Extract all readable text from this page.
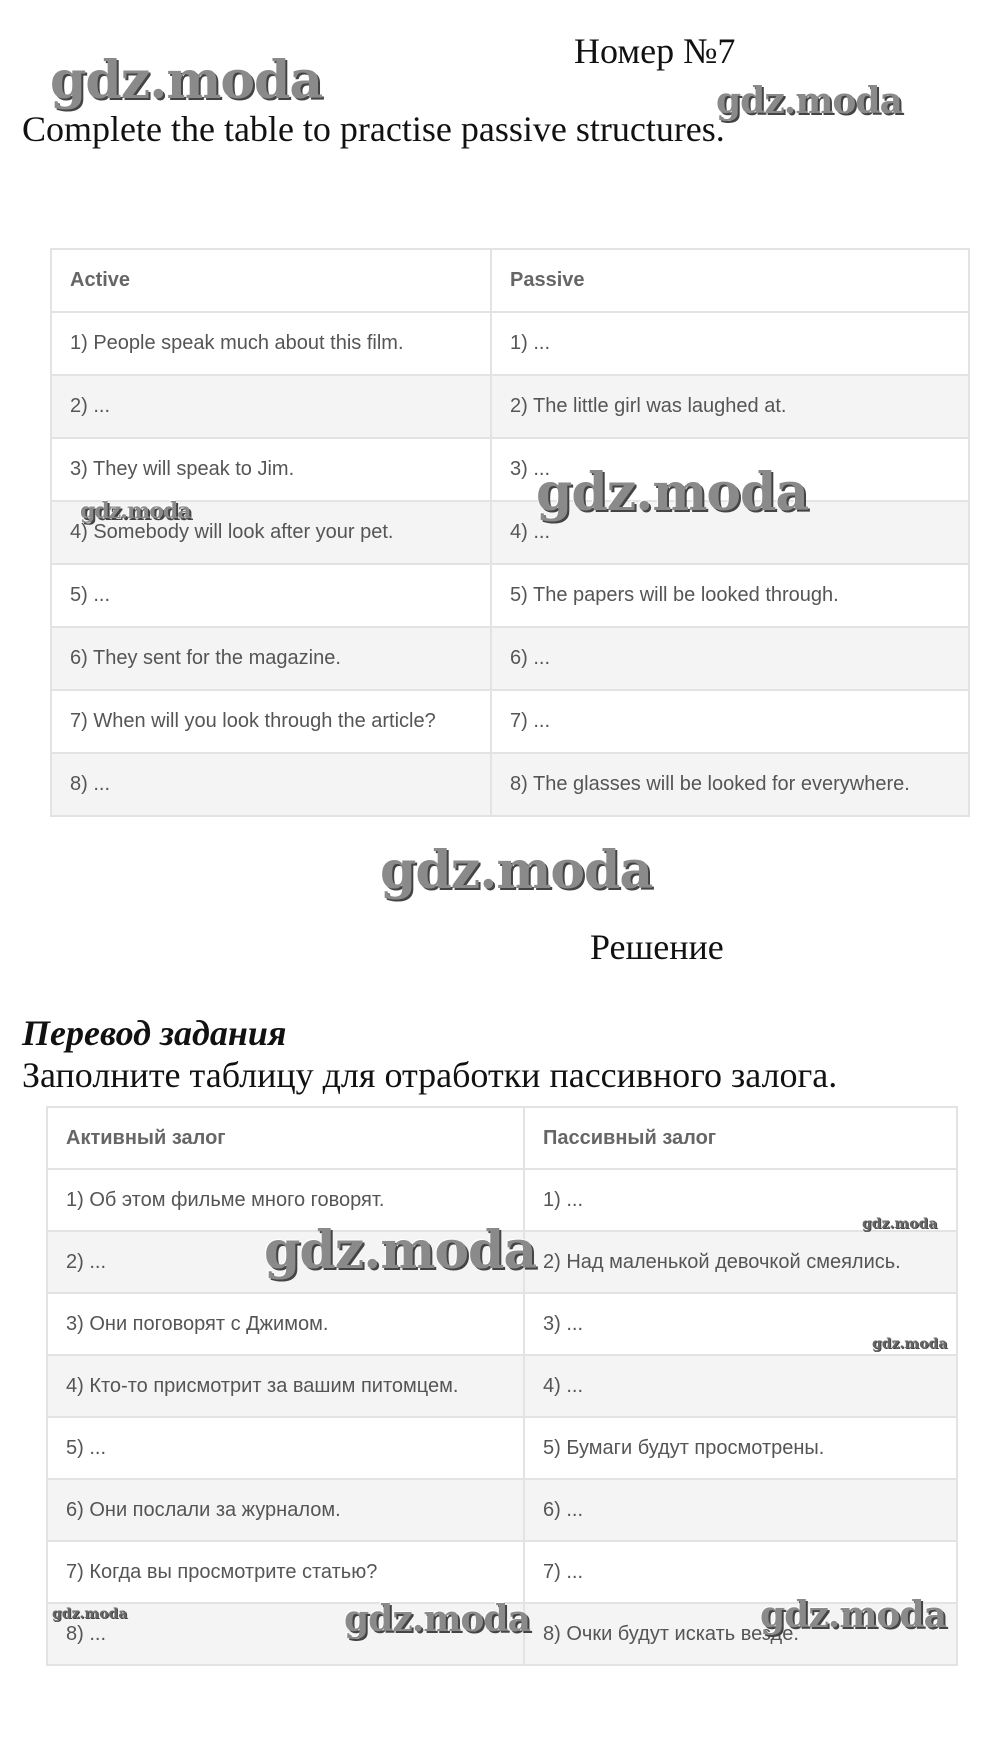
Номер №7
Complete the table to practise passive structures.
Active	Passive
1) People speak much about this film.	1) ...
2) ...	2) The little girl was laughed at.
3) They will speak to Jim.	3) ...
4) Somebody will look after your pet.	4) ...
5) ...	5) The papers will be looked through.
6) They sent for the magazine.	6) ...
7) When will you look through the article?	7) ...
8) ...	8) The glasses will be looked for everywhere.
Решение
Перевод задания
Заполните таблицу для отработки пассивного залога.
Активный залог	Пассивный залог
1) Об этом фильме много говорят.	1) ...
2) ...	2) Над маленькой девочкой смеялись.
3) Они поговорят с Джимом.	3) ...
4) Кто-то присмотрит за вашим питомцем.	4) ...
5) ...	5) Бумаги будут просмотрены.
6) Они послали за журналом.	6) ...
7) Когда вы просмотрите статью?	7) ...
8) ...	8) Очки будут искать везде.
gdz.moda	gdz.moda
gdz.moda
gdz.moda
gdz.moda
gdz.moda
gdz.moda
gdz.moda
gdz.moda	gdz.moda	gdz.moda
